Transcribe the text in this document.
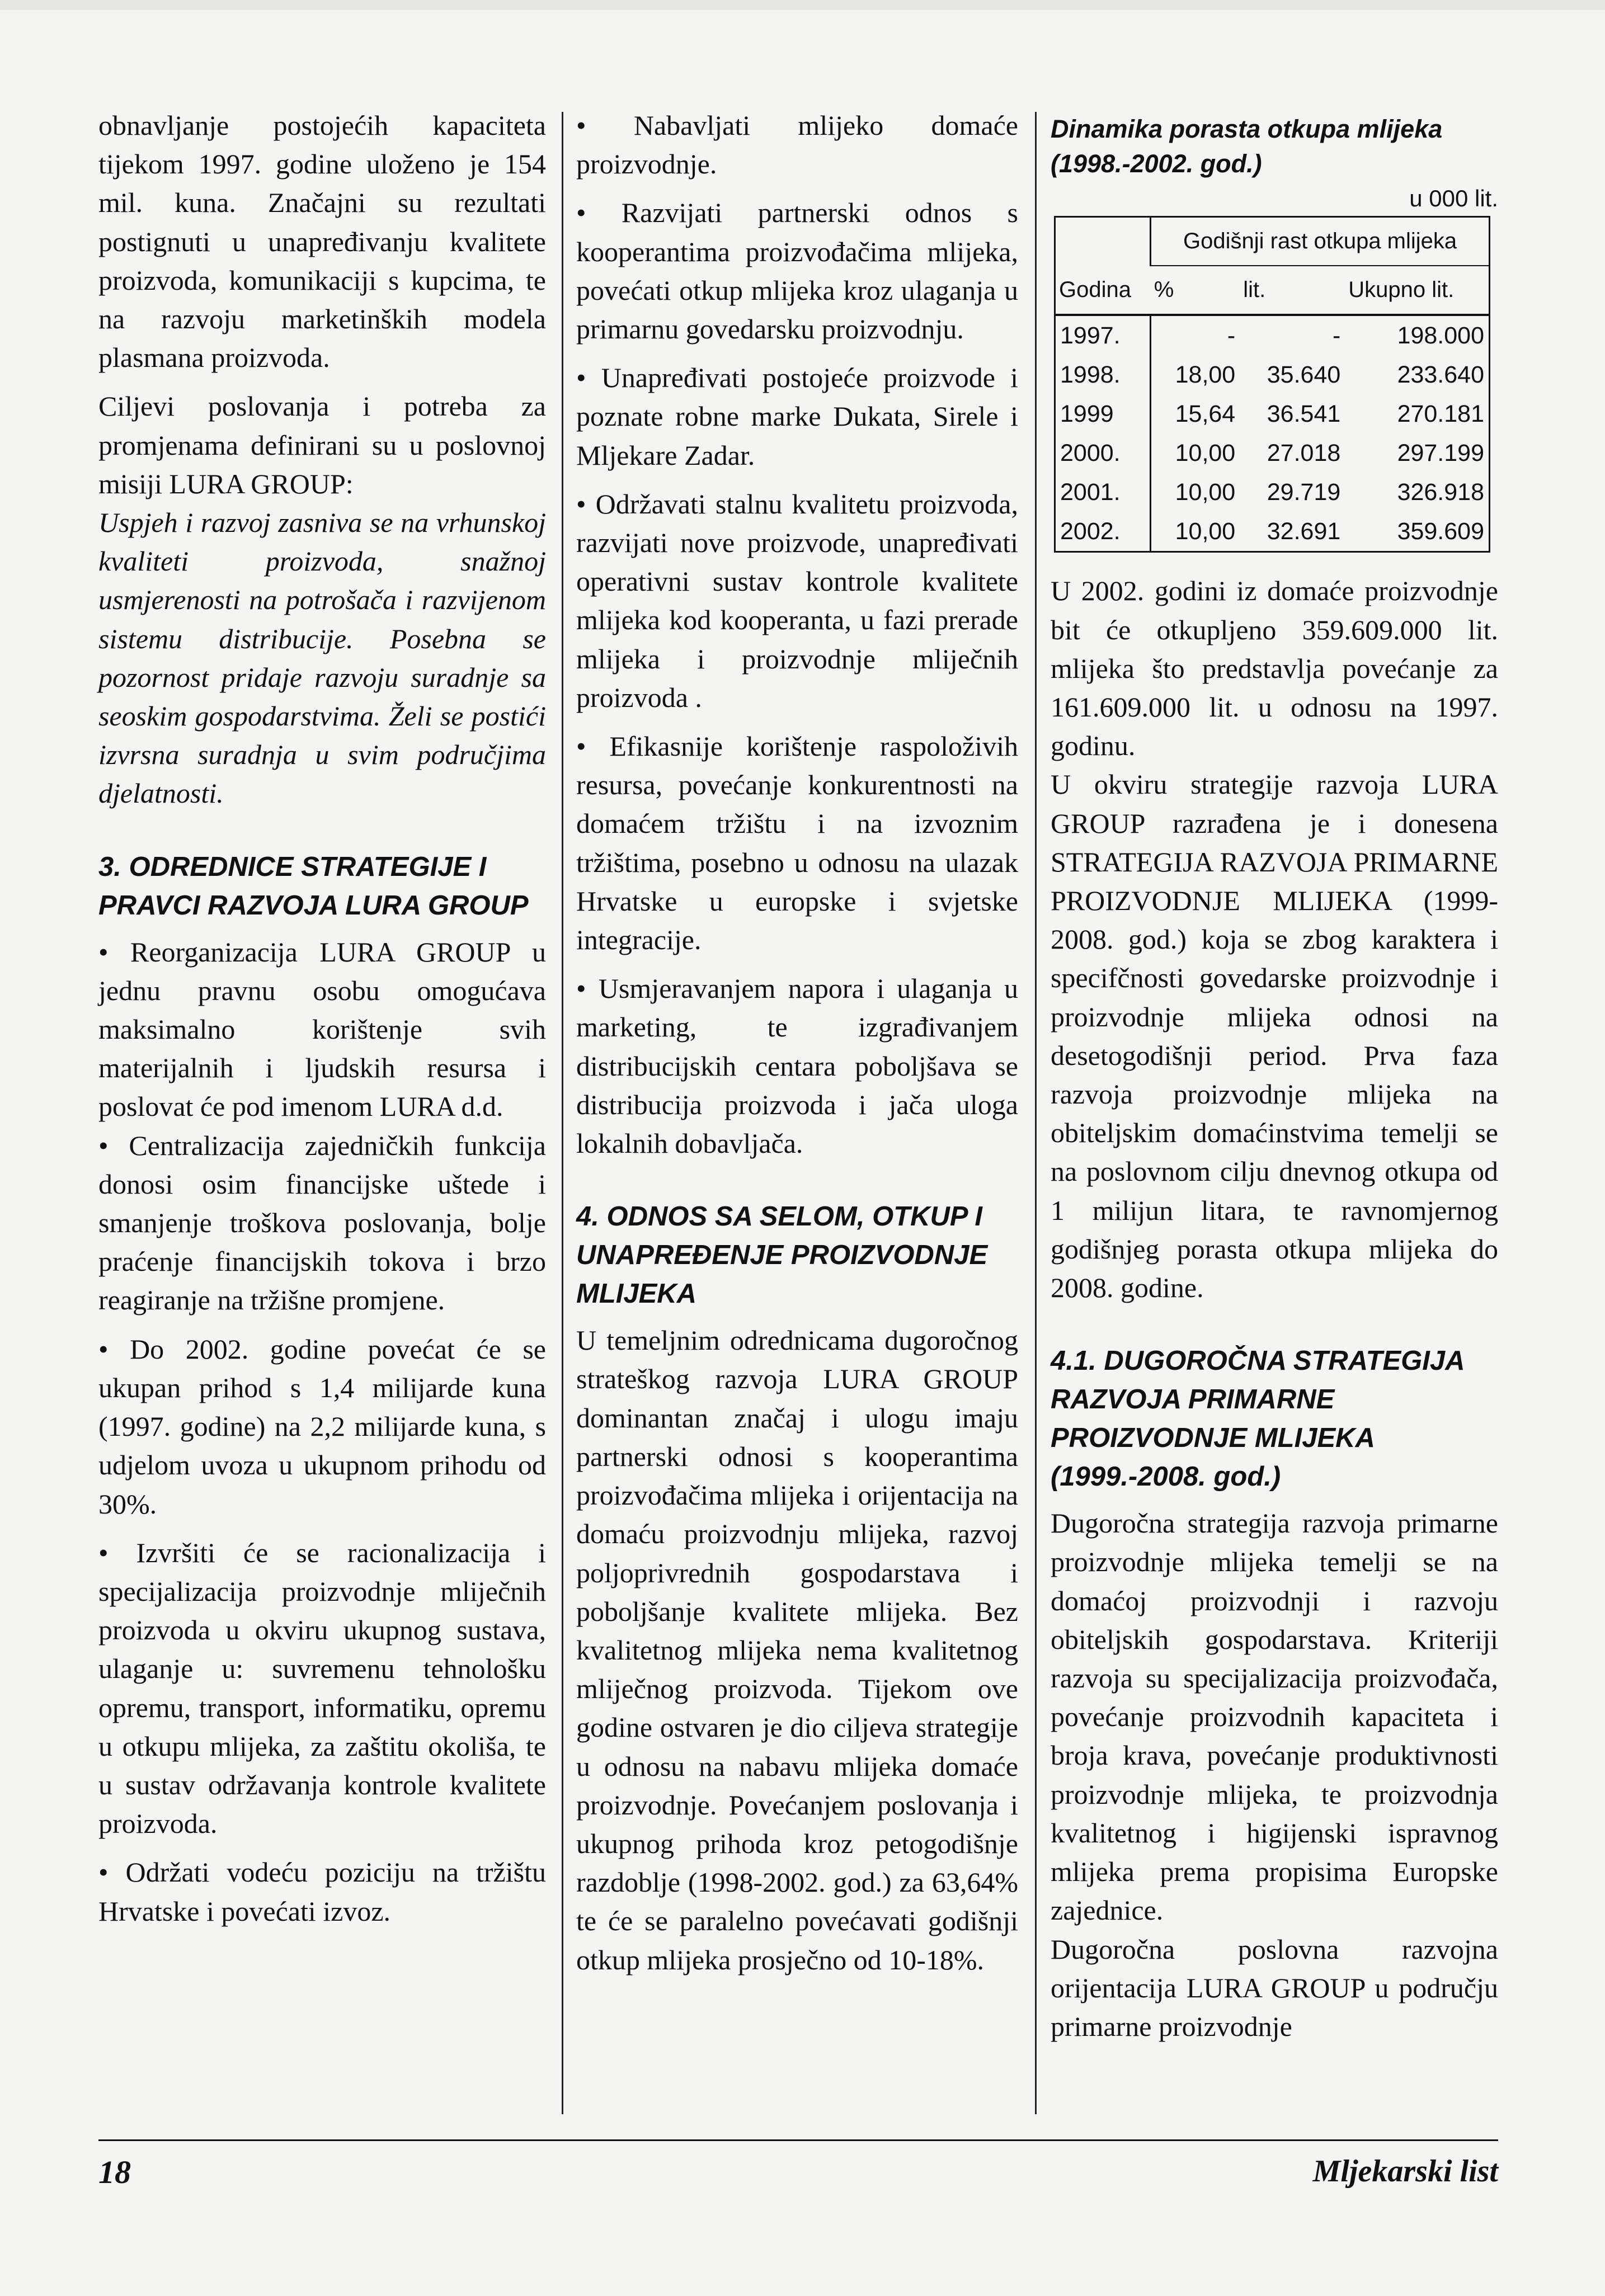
obnavljanje postojećih kapaciteta tijekom 1997. godine uloženo je 154 mil. kuna. Značajni su rezultati postignuti u unapređivanju kvalitete proizvoda, komunikaciji s kupcima, te na razvoju marketinških modela plasmana proizvoda.

Ciljevi poslovanja i potreba za promjenama definirani su u poslovnoj misiji LURA GROUP:

Uspjeh i razvoj zasniva se na vrhunskoj kvaliteti proizvoda, snažnoj usmjerenosti na potrošača i razvijenom sistemu distribucije. Posebna se pozornost pridaje razvoju suradnje sa seoskim gospodarstvima. Želi se postići izvrsna suradnja u svim područjima djelatnosti.

3. ODREDNICE STRATEGIJE I PRAVCI RAZVOJA LURA GROUP

• Reorganizacija LURA GROUP u jednu pravnu osobu omogućava maksimalno korištenje svih materijalnih i ljudskih resursa i poslovat će pod imenom LURA d.d.

• Centralizacija zajedničkih funkcija donosi osim financijske uštede i smanjenje troškova poslovanja, bolje praćenje financijskih tokova i brzo reagiranje na tržišne promjene.

• Do 2002. godine povećat će se ukupan prihod s 1,4 milijarde kuna (1997. godine) na 2,2 milijarde kuna, s udjelom uvoza u ukupnom prihodu od 30%.

• Izvršiti će se racionalizacija i specijalizacija proizvodnje mliječnih proizvoda u okviru ukupnog sustava, ulaganje u: suvremenu tehnološku opremu, transport, informatiku, opremu u otkupu mlijeka, za zaštitu okoliša, te u sustav održavanja kontrole kvalitete proizvoda.

• Održati vodeću poziciju na tržištu Hrvatske i povećati izvoz.

• Nabavljati mlijeko domaće proizvodnje.

• Razvijati partnerski odnos s kooperantima proizvođačima mlijeka, povećati otkup mlijeka kroz ulaganja u primarnu govedarsku proizvodnju.

• Unapređivati postojeće proizvode i poznate robne marke Dukata, Sirele i Mljekare Zadar.

• Održavati stalnu kvalitetu proizvoda, razvijati nove proizvode, unapređivati operativni sustav kontrole kvalitete mlijeka kod kooperanta, u fazi prerade mlijeka i proizvodnje mliječnih proizvoda .

• Efikasnije korištenje raspoloživih resursa, povećanje konkurentnosti na domaćem tržištu i na izvoznim tržištima, posebno u odnosu na ulazak Hrvatske u europske i svjetske integracije.

• Usmjeravanjem napora i ulaganja u marketing, te izgrađivanjem distribucijskih centara poboljšava se distribucija proizvoda i jača uloga lokalnih dobavljača.

4. ODNOS SA SELOM, OTKUP I UNAPREĐENJE PROIZVODNJE MLIJEKA

U temeljnim odrednicama dugoročnog strateškog razvoja LURA GROUP dominantan značaj i ulogu imaju partnerski odnosi s kooperantima proizvođačima mlijeka i orijentacija na domaću proizvodnju mlijeka, razvoj poljoprivrednih gospodarstava i poboljšanje kvalitete mlijeka. Bez kvalitetnog mlijeka nema kvalitetnog mliječnog proizvoda. Tijekom ove godine ostvaren je dio ciljeva strategije u odnosu na nabavu mlijeka domaće proizvodnje. Povećanjem poslovanja i ukupnog prihoda kroz petogodišnje razdoblje (1998-2002. god.) za 63,64% te će se paralelno povećavati godišnji otkup mlijeka prosječno od 10-18%.

Dinamika porasta otkupa mlijeka (1998.-2002. god.)

u 000 lit.

	Godišnji rast otkupa mlijeka		
Godina	%	lit.	Ukupno lit.
1997.	-	-	198.000
1998.	18,00	35.640	233.640
1999	15,64	36.541	270.181
2000.	10,00	27.018	297.199
2001.	10,00	29.719	326.918
2002.	10,00	32.691	359.609

U 2002. godini iz domaće proizvodnje bit će otkupljeno 359.609.000 lit. mlijeka što predstavlja povećanje za 161.609.000 lit. u odnosu na 1997. godinu.

U okviru strategije razvoja LURA GROUP razrađena je i donesena STRATEGIJA RAZVOJA PRIMARNE PROIZVODNJE MLIJEKA (1999-2008. god.) koja se zbog karaktera i specifčnosti govedarske proizvodnje i proizvodnje mlijeka odnosi na desetogodišnji period. Prva faza razvoja proizvodnje mlijeka na obiteljskim domaćinstvima temelji se na poslovnom cilju dnevnog otkupa od 1 milijun litara, te ravnomjernog godišnjeg porasta otkupa mlijeka do 2008. godine.

4.1. DUGOROČNA STRATEGIJA RAZVOJA PRIMARNE PROIZVODNJE MLIJEKA (1999.-2008. god.)

Dugoročna strategija razvoja primarne proizvodnje mlijeka temelji se na domaćoj proizvodnji i razvoju obiteljskih gospodarstava. Kriteriji razvoja su specijalizacija proizvođača, povećanje proizvodnih kapaciteta i broja krava, povećanje produktivnosti proizvodnje mlijeka, te proizvodnja kvalitetnog i higijenski ispravnog mlijeka prema propisima Europske zajednice.

Dugoročna poslovna razvojna orijentacija LURA GROUP u području primarne proizvodnje

18	Mljekarski list
